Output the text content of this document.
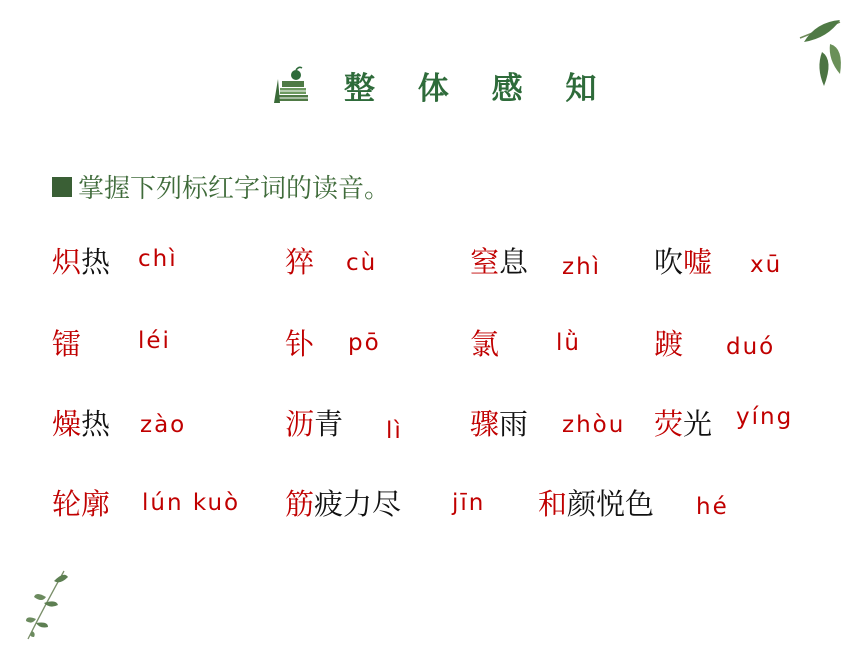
整 体 感 知
掌握下列标红字词的读音。
炽热 chì	猝 cù	窒息 zhì 吹嘘 xū
镭 léi	钋 pō	氯 lǜ	踱 duó
燥热 zào	沥青 lì 骤雨 zhòu 荧光 yíng
轮廓 lún kuò 筋疲力尽 jīn 和颜悦色 hé
